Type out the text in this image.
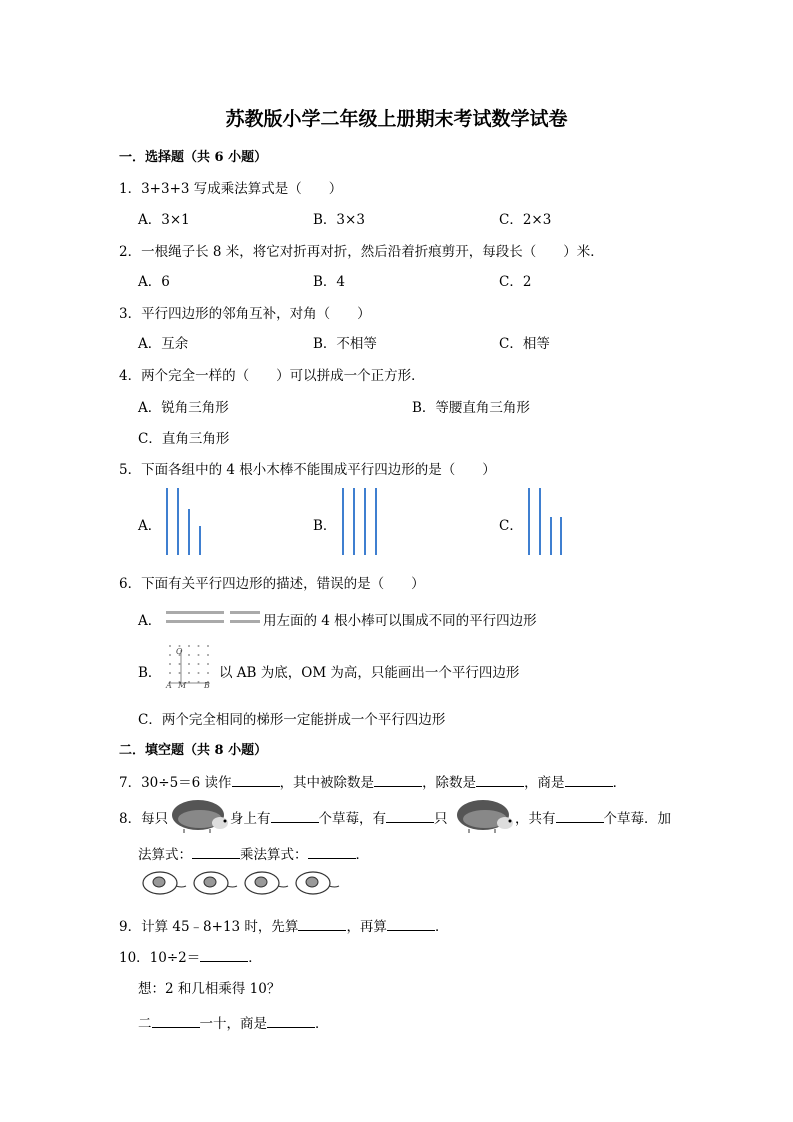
苏教版小学二年级上册期末考试数学试卷
一．选择题（共 6 小题）
1．3+3+3 写成乘法算式是（　　）
A．3×1	B．3×3	C．2×3
2．一根绳子长 8 米，将它对折再对折，然后沿着折痕剪开，每段长（　　）米．
A．6	B．4	C．2
3．平行四边形的邻角互补，对角（　　）
A．互余	B．不相等	C．相等
4．两个完全一样的（　　）可以拼成一个正方形．
A．锐角三角形	B．等腰直角三角形
C．直角三角形
5．下面各组中的 4 根小木棒不能围成平行四边形的是（　　）
A．	B．	C．
6．下面有关平行四边形的描述，错误的是（　　）
A．	用左面的 4 根小棒可以围成不同的平行四边形
B．
O
A M B
以 AB 为底，OM 为高，只能画出一个平行四边形
C．两个完全相同的梯形一定能拼成一个平行四边形
二．填空题（共 8 小题）
7．30÷5＝6 读作	，其中被除数是	，除数是	，商是	．
8．每只	身上有	个草莓，有	只	，共有	个草莓．加
法算式：	乘法算式：	．
9．计算 45﹣8+13 时，先算	，再算	．
10．10÷2＝	．
想：2 和几相乘得 10？
二	一十，商是	．
